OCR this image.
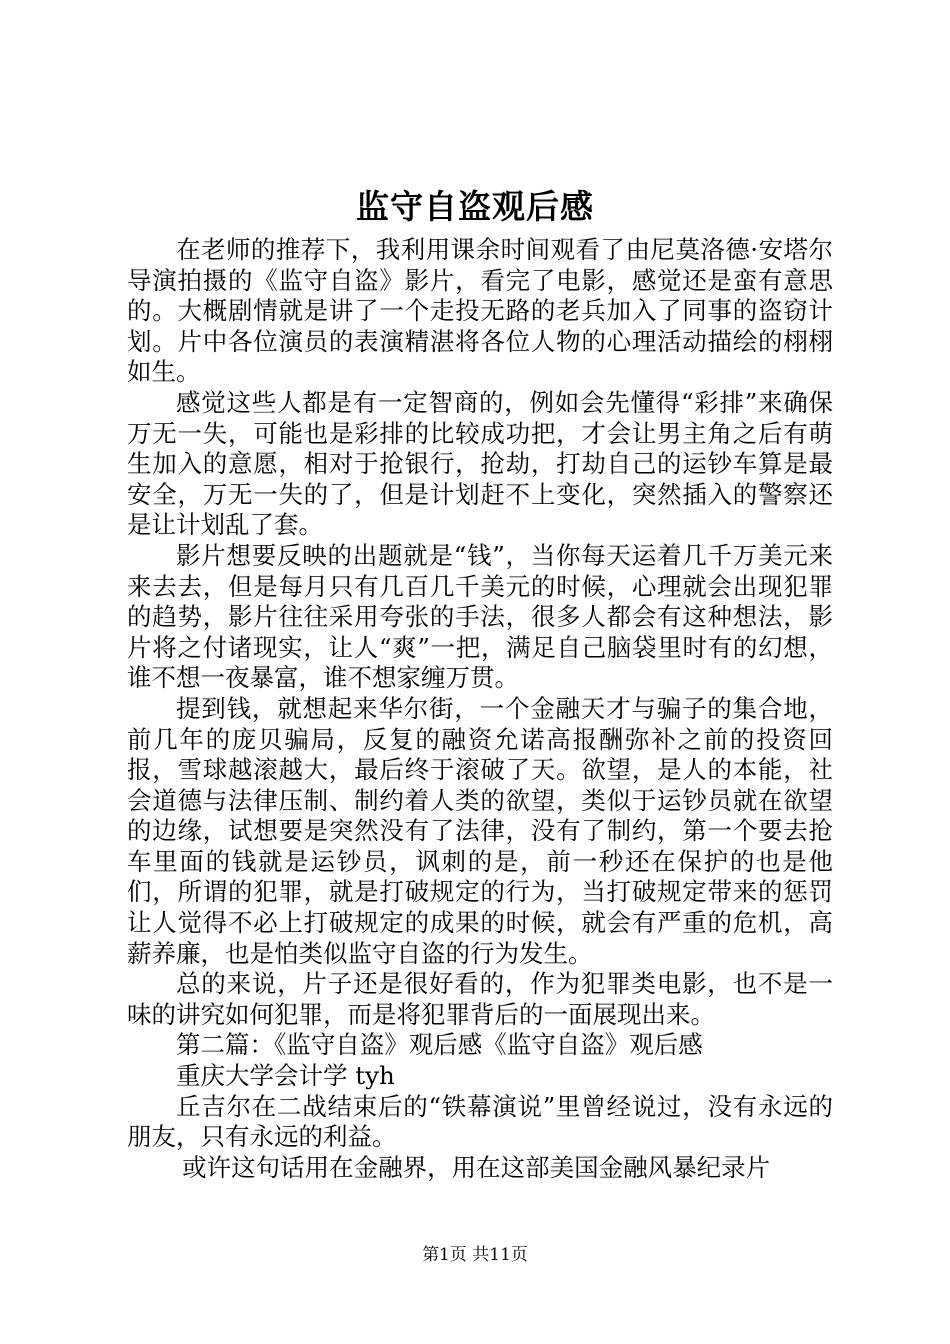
监守自盗观后感

在老师的推荐下，我利用课余时间观看了由尼莫洛德·安塔尔导演拍摄的《监守自盗》影片，看完了电影，感觉还是蛮有意思的。大概剧情就是讲了一个走投无路的老兵加入了同事的盗窃计划。片中各位演员的表演精湛将各位人物的心理活动描绘的栩栩如生。

感觉这些人都是有一定智商的，例如会先懂得“彩排”来确保万无一失，可能也是彩排的比较成功把，才会让男主角之后有萌生加入的意愿，相对于抢银行，抢劫，打劫自己的运钞车算是最安全，万无一失的了，但是计划赶不上变化，突然插入的警察还是让计划乱了套。

影片想要反映的出题就是“钱”，当你每天运着几千万美元来来去去，但是每月只有几百几千美元的时候，心理就会出现犯罪的趋势，影片往往采用夸张的手法，很多人都会有这种想法，影片将之付诸现实，让人“爽”一把，满足自己脑袋里时有的幻想，谁不想一夜暴富，谁不想家缠万贯。

提到钱，就想起来华尔街，一个金融天才与骗子的集合地，前几年的庞贝骗局，反复的融资允诺高报酬弥补之前的投资回报，雪球越滚越大，最后终于滚破了天。欲望，是人的本能，社会道德与法律压制、制约着人类的欲望，类似于运钞员就在欲望的边缘，试想要是突然没有了法律，没有了制约，第一个要去抢车里面的钱就是运钞员，讽刺的是，前一秒还在保护的也是他们，所谓的犯罪，就是打破规定的行为，当打破规定带来的惩罚让人觉得不必上打破规定的成果的时候，就会有严重的危机，高薪养廉，也是怕类似监守自盗的行为发生。

总的来说，片子还是很好看的，作为犯罪类电影，也不是一味的讲究如何犯罪，而是将犯罪背后的一面展现出来。

第二篇：《监守自盗》观后感《监守自盗》观后感

重庆大学会计学 tyh

丘吉尔在二战结束后的“铁幕演说”里曾经说过，没有永远的朋友，只有永远的利益。

或许这句话用在金融界，用在这部美国金融风暴纪录片

第1页 共11页
